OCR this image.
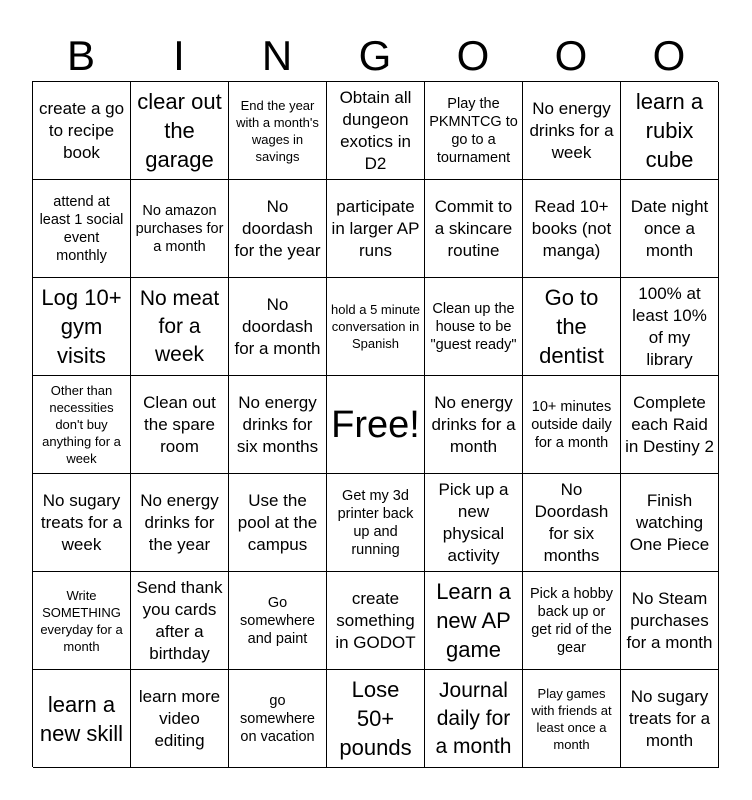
B	I	N	G	O	O	O
create a go to recipe book
clear out the garage
End the year with a month's wages in savings
Obtain all dungeon exotics in D2
Play the PKMNTCG to go to a tournament
No energy drinks for a week
learn a rubix cube
attend at least 1 social event monthly
No amazon purchases for a month
No doordash for the year
participate in larger AP runs
Commit to a skincare routine
Read 10+ books (not manga)
Date night once a month
Log 10+ gym visits
No meat for a week
No doordash for a month
hold a 5 minute conversation in Spanish
Clean up the house to be "guest ready"
Go to the dentist
100% at least 10% of my library
Other than necessities don't buy anything for a week
Clean out the spare room
No energy drinks for six months
Free!
No energy drinks for a month
10+ minutes outside daily for a month
Complete each Raid in Destiny 2
No sugary treats for a week
No energy drinks for the year
Use the pool at the campus
Get my 3d printer back up and running
Pick up a new physical activity
No Doordash for six months
Finish watching One Piece
Write SOMETHING everyday for a month
Send thank you cards after a birthday
Go somewhere and paint
create something in GODOT
Learn a new AP game
Pick a hobby back up or get rid of the gear
No Steam purchases for a month
learn a new skill
learn more video editing
go somewhere on vacation
Lose 50+ pounds
Journal daily for a month
Play games with friends at least once a month
No sugary treats for a month
